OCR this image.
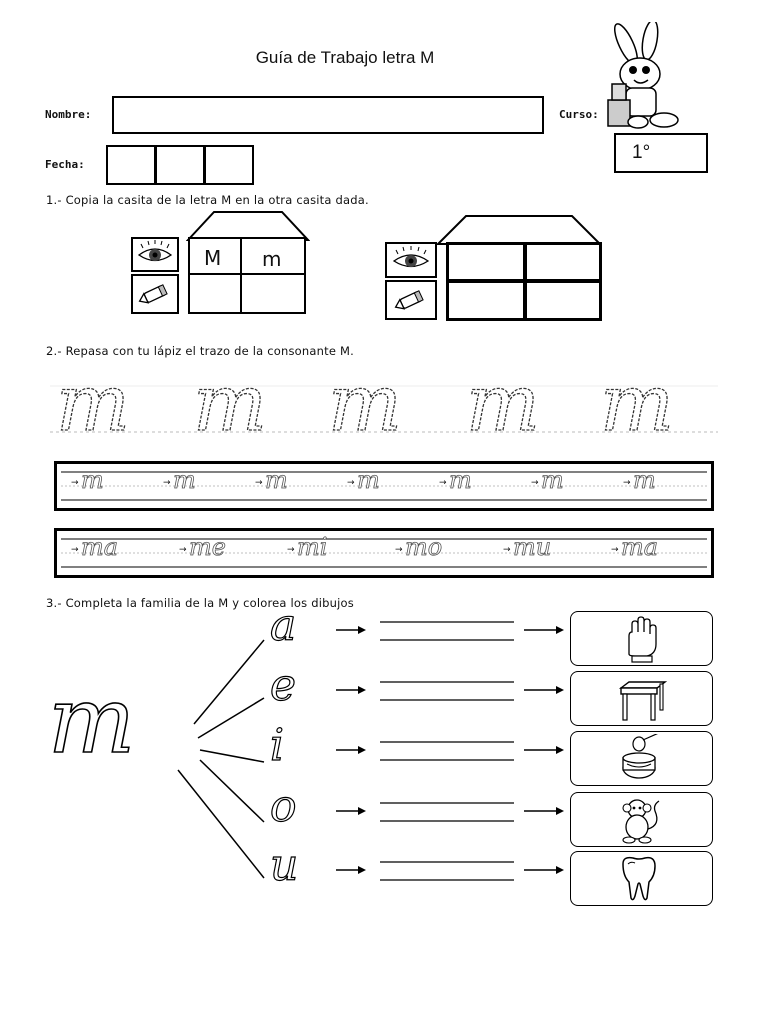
Guía de Trabajo letra M
Nombre:	Curso:
1°
Fecha:
1.- Copia la casita de la letra M en la otra casita dada.
M m
2.- Repasa con tu lápiz el trazo de la consonante M.
m m m m m
→ m	→ m	→ m	→ m	→ m	→ m	→ m
→ ma	→ me	→ mi	→ mo	→ mu	→ ma
3.- Completa la familia de la M y colorea los dibujos
m
a
e
i
o
u
